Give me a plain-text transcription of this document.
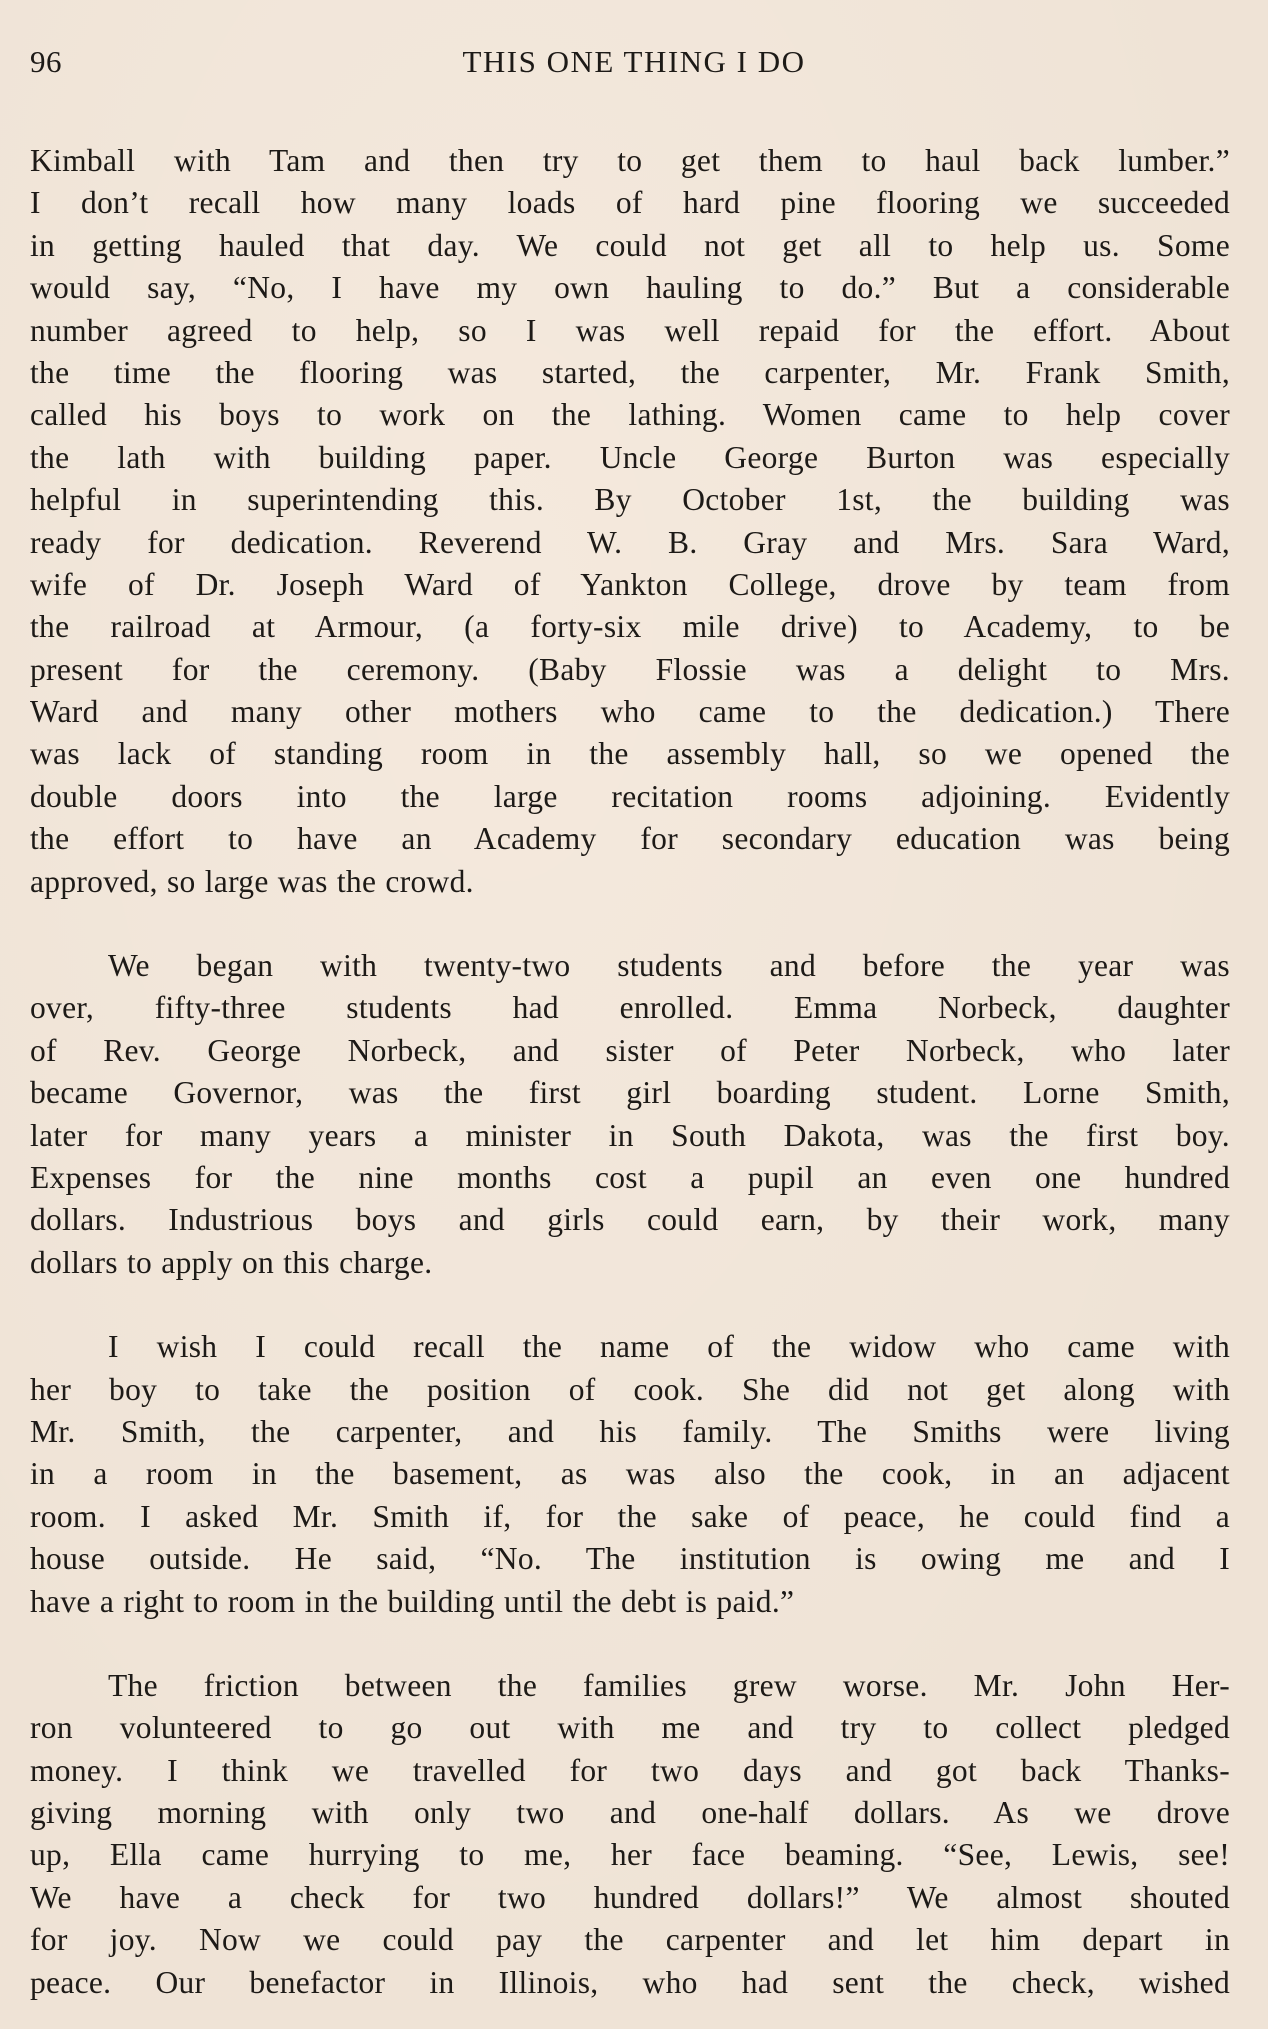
96	THIS ONE THING I DO
Kimball with Tam and then try to get them to haul back lumber.”
I don’t recall how many loads of hard pine flooring we succeeded
in getting hauled that day. We could not get all to help us. Some
would say, “No, I have my own hauling to do.” But a considerable
number agreed to help, so I was well repaid for the effort. About
the time the flooring was started, the carpenter, Mr. Frank Smith,
called his boys to work on the lathing. Women came to help cover
the lath with building paper. Uncle George Burton was especially
helpful in superintending this. By October 1st, the building was
ready for dedication. Reverend W. B. Gray and Mrs. Sara Ward,
wife of Dr. Joseph Ward of Yankton College, drove by team from
the railroad at Armour, (a forty-six mile drive) to Academy, to be
present for the ceremony. (Baby Flossie was a delight to Mrs.
Ward and many other mothers who came to the dedication.) There
was lack of standing room in the assembly hall, so we opened the
double doors into the large recitation rooms adjoining. Evidently
the effort to have an Academy for secondary education was being
approved, so large was the crowd.
We began with twenty-two students and before the year was
over, fifty-three students had enrolled. Emma Norbeck, daughter
of Rev. George Norbeck, and sister of Peter Norbeck, who later
became Governor, was the first girl boarding student. Lorne Smith,
later for many years a minister in South Dakota, was the first boy.
Expenses for the nine months cost a pupil an even one hundred
dollars. Industrious boys and girls could earn, by their work, many
dollars to apply on this charge.
I wish I could recall the name of the widow who came with
her boy to take the position of cook. She did not get along with
Mr. Smith, the carpenter, and his family. The Smiths were living
in a room in the basement, as was also the cook, in an adjacent
room. I asked Mr. Smith if, for the sake of peace, he could find a
house outside. He said, “No. The institution is owing me and I
have a right to room in the building until the debt is paid.”
The friction between the families grew worse. Mr. John Her-
ron volunteered to go out with me and try to collect pledged
money. I think we travelled for two days and got back Thanks-
giving morning with only two and one-half dollars. As we drove
up, Ella came hurrying to me, her face beaming. “See, Lewis, see!
We have a check for two hundred dollars!” We almost shouted
for joy. Now we could pay the carpenter and let him depart in
peace. Our benefactor in Illinois, who had sent the check, wished
